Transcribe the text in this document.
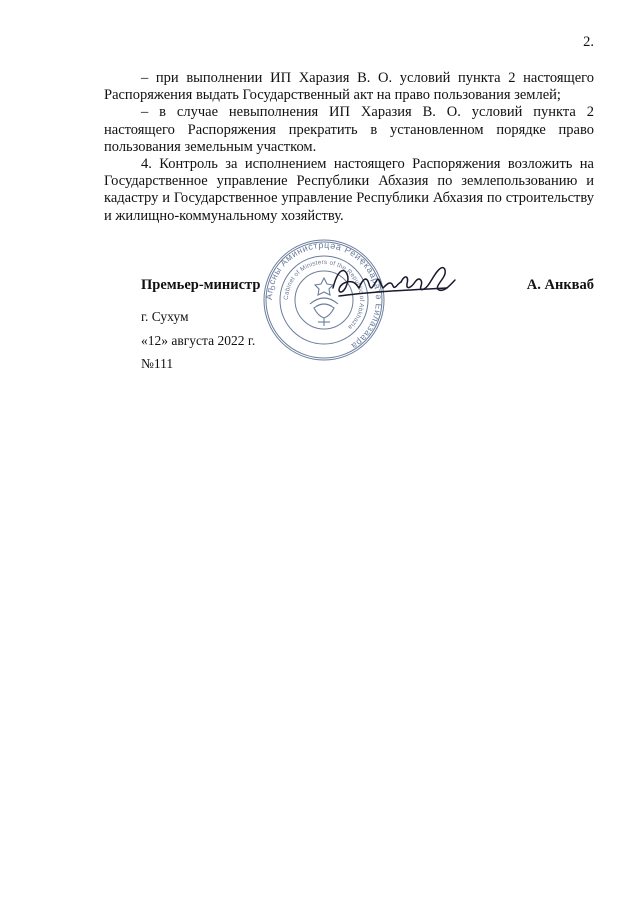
2.

– при выполнении ИП Харазия В. О. условий пункта 2 настоящего Распоряжения выдать Государственный акт на право пользования землей;

– в случае невыполнения ИП Харазия В. О. условий пункта 2 настоящего Распоряжения прекратить в установленном порядке право пользования земельным участком.

4. Контроль за исполнением настоящего Распоряжения возложить на Государственное управление Республики Абхазия по землепользованию и кадастру и Государственное управление Республики Абхазия по строительству и жилищно-коммунальному хозяйству.

Премьер-министр
Аҧсны Аминистрцәа Реиҿкааратә Еилазаара
Cabinet of Ministers of the Republic of Abkhazia
А. Анкваб
г. Сухум
«12» августа 2022 г.
№111
